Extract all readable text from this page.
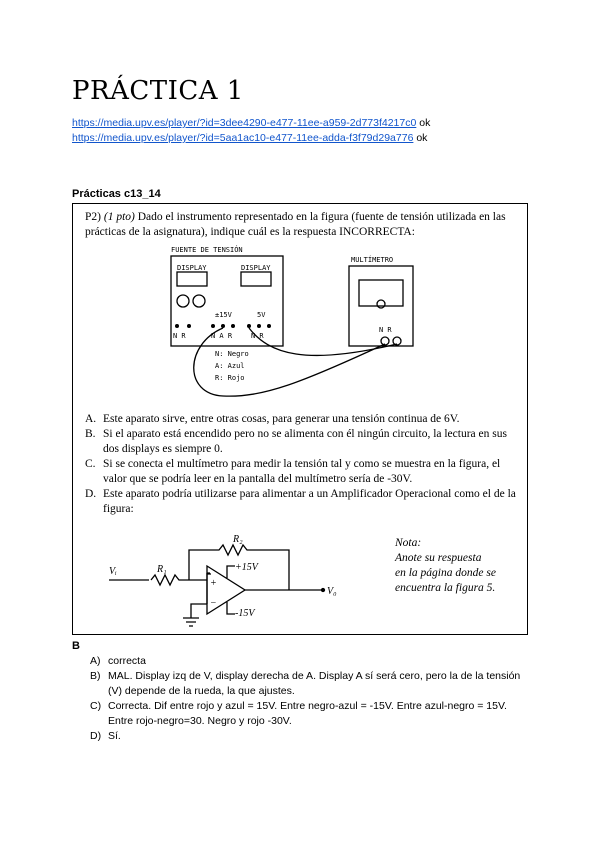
PRÁCTICA 1
https://media.upv.es/player/?id=3dee4290-e477-11ee-a959-2d773f4217c0 ok
https://media.upv.es/player/?id=5aa1ac10-e477-11ee-adda-f3f79d29a776 ok
Prácticas c13_14
FUENTE DE TENSIÓN
DISPLAY	DISPLAY
±15V	5V
N R	N A R	N R
MULTÍMETRO
N R
N: Negro
A: Azul
R: Rojo
R₂
R₁
Vᵢ
V₀
+15V
-15V
+
−
P2) (1 pto) Dado el instrumento representado en la figura (fuente de tensión utilizada en las prácticas de la asignatura), indique cuál es la respuesta INCORRECTA:
A. Este aparato sirve, entre otras cosas, para generar una tensión continua de 6V.
B. Si el aparato está encendido pero no se alimenta con él ningún circuito, la lectura en sus dos displays es siempre 0.
C. Si se conecta el multímetro para medir la tensión tal y como se muestra en la figura, el valor que se podría leer en la pantalla del multímetro sería de -30V.
D. Este aparato podría utilizarse para alimentar a un Amplificador Operacional como el de la figura:
Nota:
Anote su respuesta
en la página donde se
encuentra la figura 5.
B
A) correcta
B) MAL. Display izq de V, display derecha de A. Display A sí será cero, pero la de la tensión (V) depende de la rueda, la que ajustes.
C) Correcta. Dif entre rojo y azul = 15V. Entre negro-azul = -15V. Entre azul-negro = 15V. Entre rojo-negro=30. Negro y rojo -30V.
D) Sí.
